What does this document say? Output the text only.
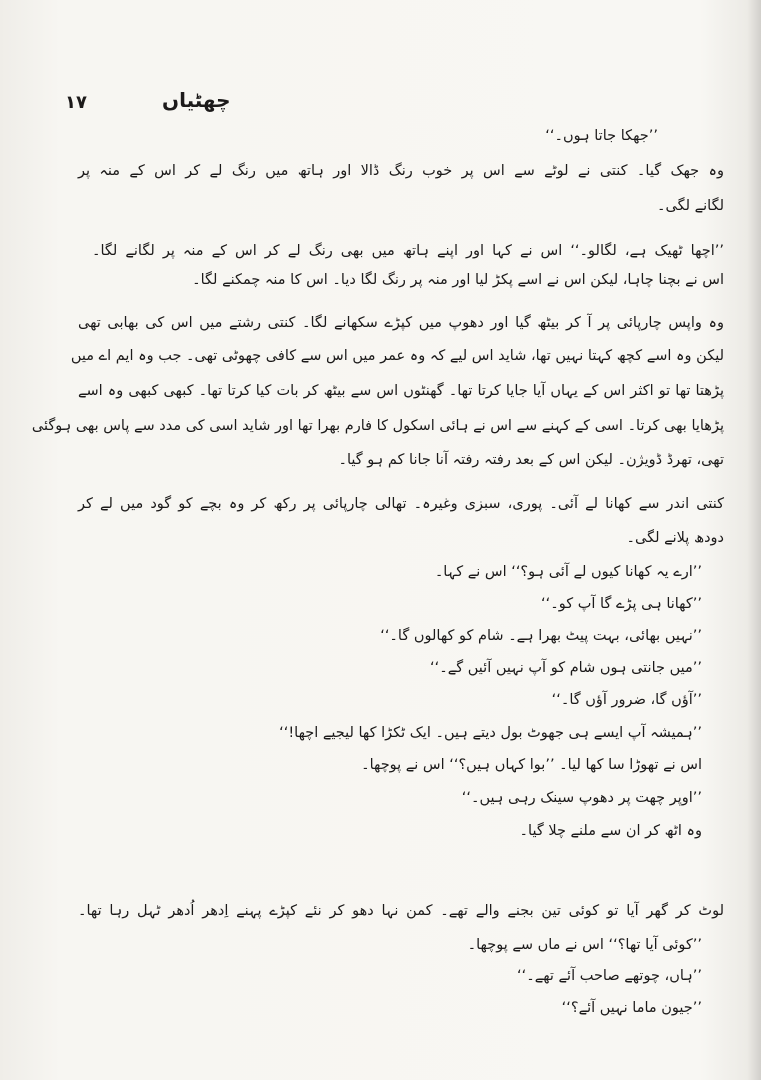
١٧	چھٹیاں
’’جھکا جاتا ہوں۔‘‘
وہ جھک گیا۔ کنتی نے لوٹے سے اس پر خوب رنگ ڈالا اور ہاتھ میں رنگ لے کر اس کے منہ پر
لگانے لگی۔
’’اچھا ٹھیک ہے، لگالو۔‘‘ اس نے کہا اور اپنے ہاتھ میں بھی رنگ لے کر اس کے منہ پر لگانے لگا۔
اس نے بچنا چاہا، لیکن اس نے اسے پکڑ لیا اور منہ پر رنگ لگا دیا۔ اس کا منہ چمکنے لگا۔
وہ واپس چارپائی پر آ کر بیٹھ گیا اور دھوپ میں کپڑے سکھانے لگا۔ کنتی رشتے میں اس کی بھابی تھی
لیکن وہ اسے کچھ کہتا نہیں تھا، شاید اس لیے کہ وہ عمر میں اس سے کافی چھوٹی تھی۔ جب وہ ایم اے میں
پڑھتا تھا تو اکثر اس کے یہاں آیا جایا کرتا تھا۔ گھنٹوں اس سے بیٹھ کر بات کیا کرتا تھا۔ کبھی کبھی وہ اسے
پڑھایا بھی کرتا۔ اسی کے کہنے سے اس نے ہائی اسکول کا فارم بھرا تھا اور شاید اسی کی مدد سے پاس بھی ہوگئی
تھی، تھرڈ ڈویژن۔ لیکن اس کے بعد رفتہ رفتہ آنا جانا کم ہو گیا۔
کنتی اندر سے کھانا لے آئی۔ پوری، سبزی وغیرہ۔ تھالی چارپائی پر رکھ کر وہ بچے کو گود میں لے کر
دودھ پلانے لگی۔
’’ارے یہ کھانا کیوں لے آئی ہو؟‘‘ اس نے کہا۔
’’کھانا ہی پڑے گا آپ کو۔‘‘
’’نہیں بھائی، بہت پیٹ بھرا ہے۔ شام کو کھالوں گا۔‘‘
’’میں جانتی ہوں شام کو آپ نہیں آئیں گے۔‘‘
’’آؤں گا، ضرور آؤں گا۔‘‘
’’ہمیشہ آپ ایسے ہی جھوٹ بول دیتے ہیں۔ ایک ٹکڑا کھا لیجیے اچھا!‘‘
اس نے تھوڑا سا کھا لیا۔ ’’بوا کہاں ہیں؟‘‘ اس نے پوچھا۔
’’اوپر چھت پر دھوپ سینک رہی ہیں۔‘‘
وہ اٹھ کر ان سے ملنے چلا گیا۔
لوٹ کر گھر آیا تو کوئی تین بجنے والے تھے۔ کمن نہا دھو کر نئے کپڑے پہنے اِدھر اُدھر ٹہل رہا تھا۔
’’کوئی آیا تھا؟‘‘ اس نے ماں سے پوچھا۔
’’ہاں، چوتھے صاحب آئے تھے۔‘‘
’’جیون ماما نہیں آئے؟‘‘
